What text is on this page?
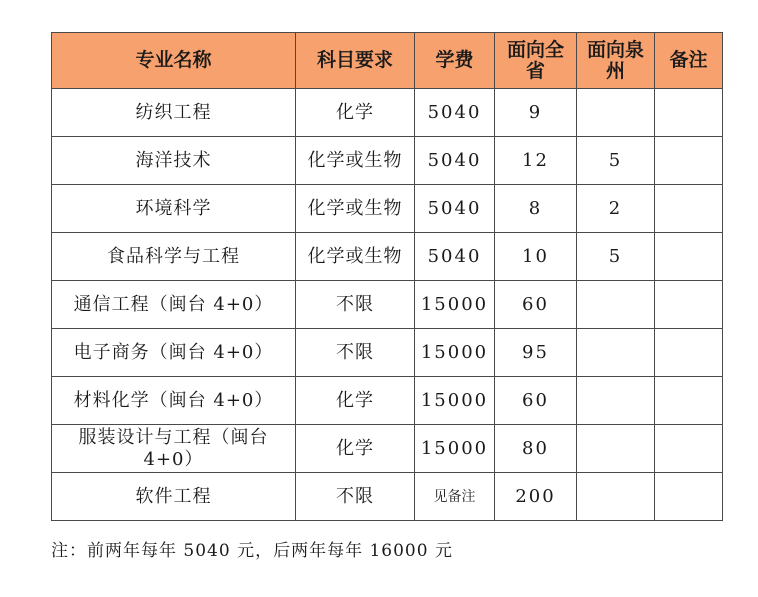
专业名称	科目要求	学费	面向全省	面向泉州	备注
纺织工程	化学	5040	9		
海洋技术	化学或生物	5040	12	5	
环境科学	化学或生物	5040	8	2	
食品科学与工程	化学或生物	5040	10	5	
通信工程（闽台 4+0）	不限	15000	60		
电子商务（闽台 4+0）	不限	15000	95		
材料化学（闽台 4+0）	化学	15000	60		
服装设计与工程（闽台 4+0）	化学	15000	80		
软件工程	不限	见备注	200		
注：前两年每年 5040 元，后两年每年 16000 元
